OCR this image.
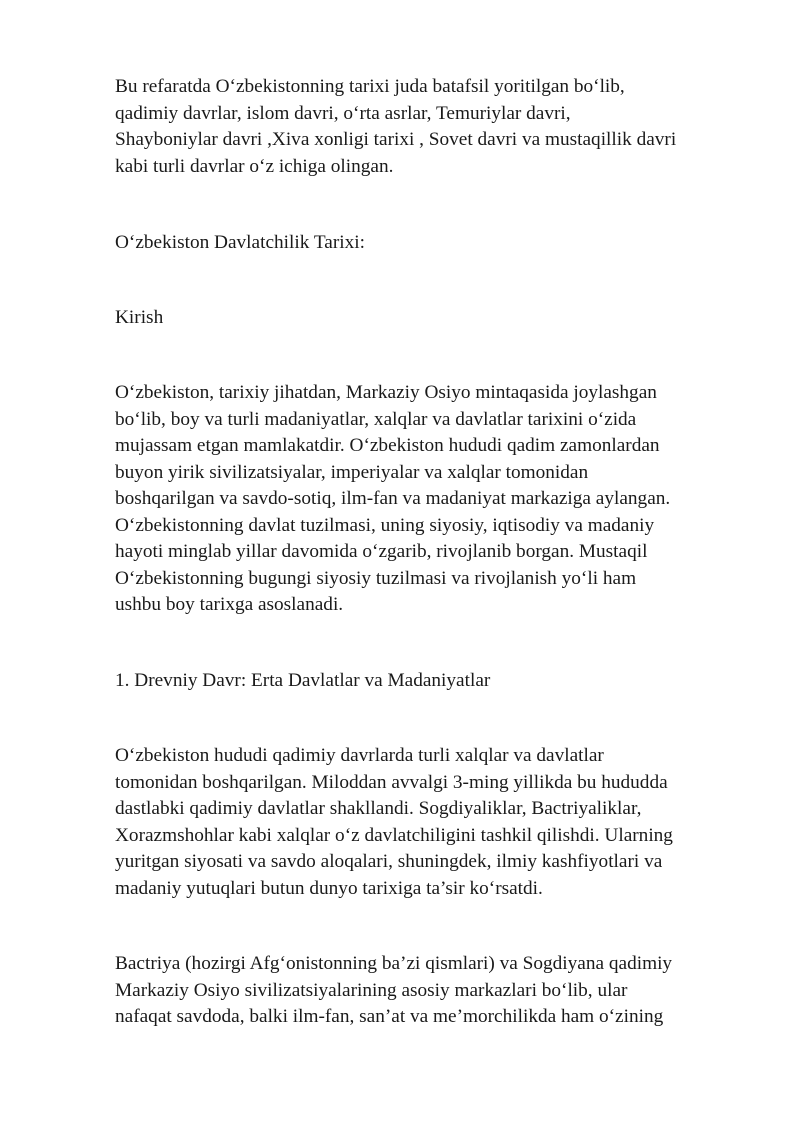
Bu refaratda O‘zbekistonning tarixi juda batafsil yoritilgan bo‘lib,
qadimiy davrlar, islom davri, o‘rta asrlar, Temuriylar davri,
Shayboniylar davri ,Xiva xonligi tarixi , Sovet davri va mustaqillik davri
kabi turli davrlar o‘z ichiga olingan.

O‘zbekiston Davlatchilik Tarixi:

Kirish

O‘zbekiston, tarixiy jihatdan, Markaziy Osiyo mintaqasida joylashgan
bo‘lib, boy va turli madaniyatlar, xalqlar va davlatlar tarixini o‘zida
mujassam etgan mamlakatdir. O‘zbekiston hududi qadim zamonlardan
buyon yirik sivilizatsiyalar, imperiyalar va xalqlar tomonidan
boshqarilgan va savdo-sotiq, ilm-fan va madaniyat markaziga aylangan.
O‘zbekistonning davlat tuzilmasi, uning siyosiy, iqtisodiy va madaniy
hayoti minglab yillar davomida o‘zgarib, rivojlanib borgan. Mustaqil
O‘zbekistonning bugungi siyosiy tuzilmasi va rivojlanish yo‘li ham
ushbu boy tarixga asoslanadi.

1. Drevniy Davr: Erta Davlatlar va Madaniyatlar

O‘zbekiston hududi qadimiy davrlarda turli xalqlar va davlatlar
tomonidan boshqarilgan. Miloddan avvalgi 3-ming yillikda bu hududda
dastlabki qadimiy davlatlar shakllandi. Sogdiyaliklar, Bactriyaliklar,
Xorazmshohlar kabi xalqlar o‘z davlatchiligini tashkil qilishdi. Ularning
yuritgan siyosati va savdo aloqalari, shuningdek, ilmiy kashfiyotlari va
madaniy yutuqlari butun dunyo tarixiga ta’sir ko‘rsatdi.

Bactriya (hozirgi Afg‘onistonning ba’zi qismlari) va Sogdiyana qadimiy
Markaziy Osiyo sivilizatsiyalarining asosiy markazlari bo‘lib, ular
nafaqat savdoda, balki ilm-fan, san’at va me’morchilikda ham o‘zining
